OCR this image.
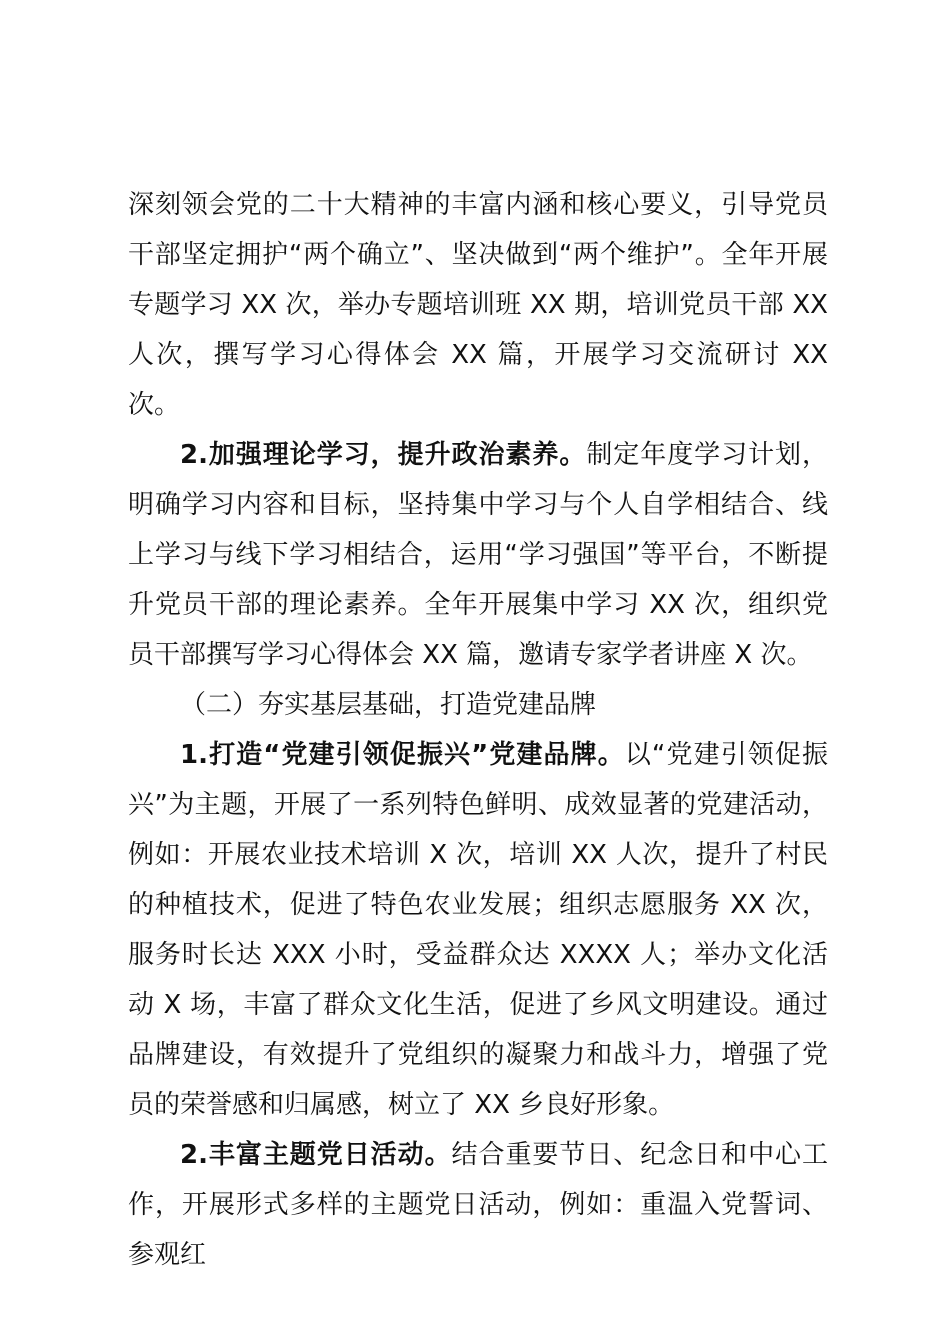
深刻领会党的二十大精神的丰富内涵和核心要义，引导党员干部坚定拥护“两个确立”、坚决做到“两个维护”。全年开展专题学习 XX 次，举办专题培训班 XX 期，培训党员干部 XX 人次，撰写学习心得体会 XX 篇，开展学习交流研讨 XX 次。

2.加强理论学习，提升政治素养。制定年度学习计划，明确学习内容和目标，坚持集中学习与个人自学相结合、线上学习与线下学习相结合，运用“学习强国”等平台，不断提升党员干部的理论素养。全年开展集中学习 XX 次，组织党员干部撰写学习心得体会 XX 篇，邀请专家学者讲座 X 次。

（二）夯实基层基础，打造党建品牌

1.打造“党建引领促振兴”党建品牌。以“党建引领促振兴”为主题，开展了一系列特色鲜明、成效显著的党建活动，例如：开展农业技术培训 X 次，培训 XX 人次，提升了村民的种植技术，促进了特色农业发展；组织志愿服务 XX 次，服务时长达 XXX 小时，受益群众达 XXXX 人；举办文化活动 X 场，丰富了群众文化生活，促进了乡风文明建设。通过品牌建设，有效提升了党组织的凝聚力和战斗力，增强了党员的荣誉感和归属感，树立了 XX 乡良好形象。

2.丰富主题党日活动。结合重要节日、纪念日和中心工作，开展形式多样的主题党日活动，例如：重温入党誓词、参观红
